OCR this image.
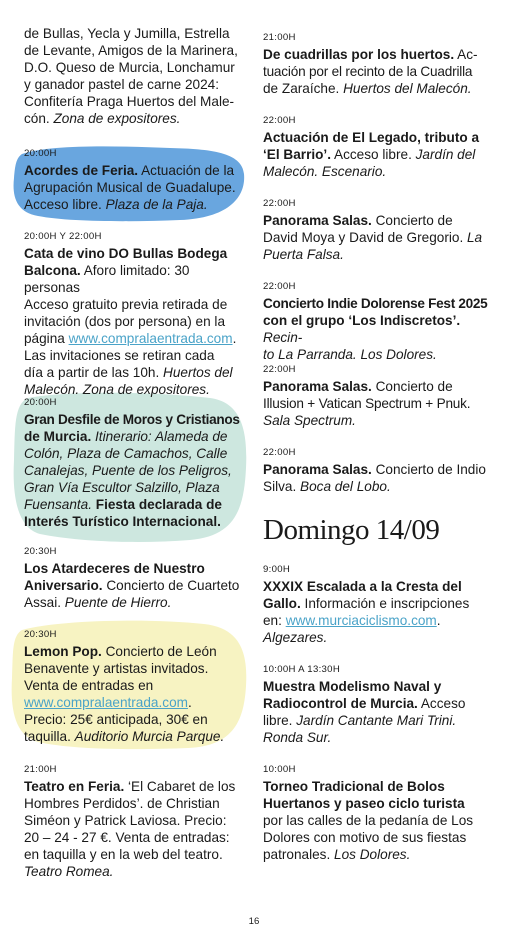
de Bullas, Yecla y Jumilla, Estrella
de Levante, Amigos de la Marinera,
D.O. Queso de Murcia, Lonchamur
y ganador pastel de carne 2024:
Confitería Praga Huertos del Male-
cón. Zona de expositores.
20:00H
Acordes de Feria. Actuación de la
Agrupación Musical de Guadalupe.
Acceso libre. Plaza de la Paja.
20:00H Y 22:00H
Cata de vino DO Bullas Bodega
Balcona. Aforo limitado: 30 personas
Acceso gratuito previa retirada de
invitación (dos por persona) en la
página www.compralaentrada.com.
Las invitaciones se retiran cada
día a partir de las 10h. Huertos del
Malecón. Zona de expositores.
20:00H
Gran Desfile de Moros y Cristianos
de Murcia. Itinerario: Alameda de
Colón, Plaza de Camachos, Calle
Canalejas, Puente de los Peligros,
Gran Vía Escultor Salzillo, Plaza
Fuensanta. Fiesta declarada de
Interés Turístico Internacional.
20:30H
Los Atardeceres de Nuestro
Aniversario. Concierto de Cuarteto
Assai. Puente de Hierro.
20:30H
Lemon Pop. Concierto de León
Benavente y artistas invitados.
Venta de entradas en
www.compralaentrada.com.
Precio: 25€ anticipada, 30€ en
taquilla. Auditorio Murcia Parque.
21:00H
Teatro en Feria. ‘El Cabaret de los
Hombres Perdidos’. de Christian
Siméon y Patrick Laviosa. Precio:
20 – 24 - 27 €. Venta de entradas:
en taquilla y en la web del teatro.
Teatro Romea.
21:00H
De cuadrillas por los huertos. Ac-
tuación por el recinto de la Cuadrilla
de Zaraíche. Huertos del Malecón.
22:00H
Actuación de El Legado, tributo a
‘El Barrio’. Acceso libre. Jardín del
Malecón. Escenario.
22:00H
Panorama Salas. Concierto de
David Moya y David de Gregorio. La
Puerta Falsa.
22:00H
Concierto Indie Dolorense Fest 2025
con el grupo ‘Los Indiscretos’. Recin-
to La Parranda. Los Dolores.
22:00H
Panorama Salas. Concierto de
Illusion + Vatican Spectrum + Pnuk.
Sala Spectrum.
22:00H
Panorama Salas. Concierto de Indio
Silva. Boca del Lobo.
Domingo 14/09
9:00H
XXXIX Escalada a la Cresta del
Gallo. Información e inscripciones
en: www.murciaciclismo.com.
Algezares.
10:00H A 13:30H
Muestra Modelismo Naval y
Radiocontrol de Murcia. Acceso
libre. Jardín Cantante Mari Trini.
Ronda Sur.
10:00H
Torneo Tradicional de Bolos
Huertanos y paseo ciclo turista
por las calles de la pedanía de Los
Dolores con motivo de sus fiestas
patronales. Los Dolores.
16
